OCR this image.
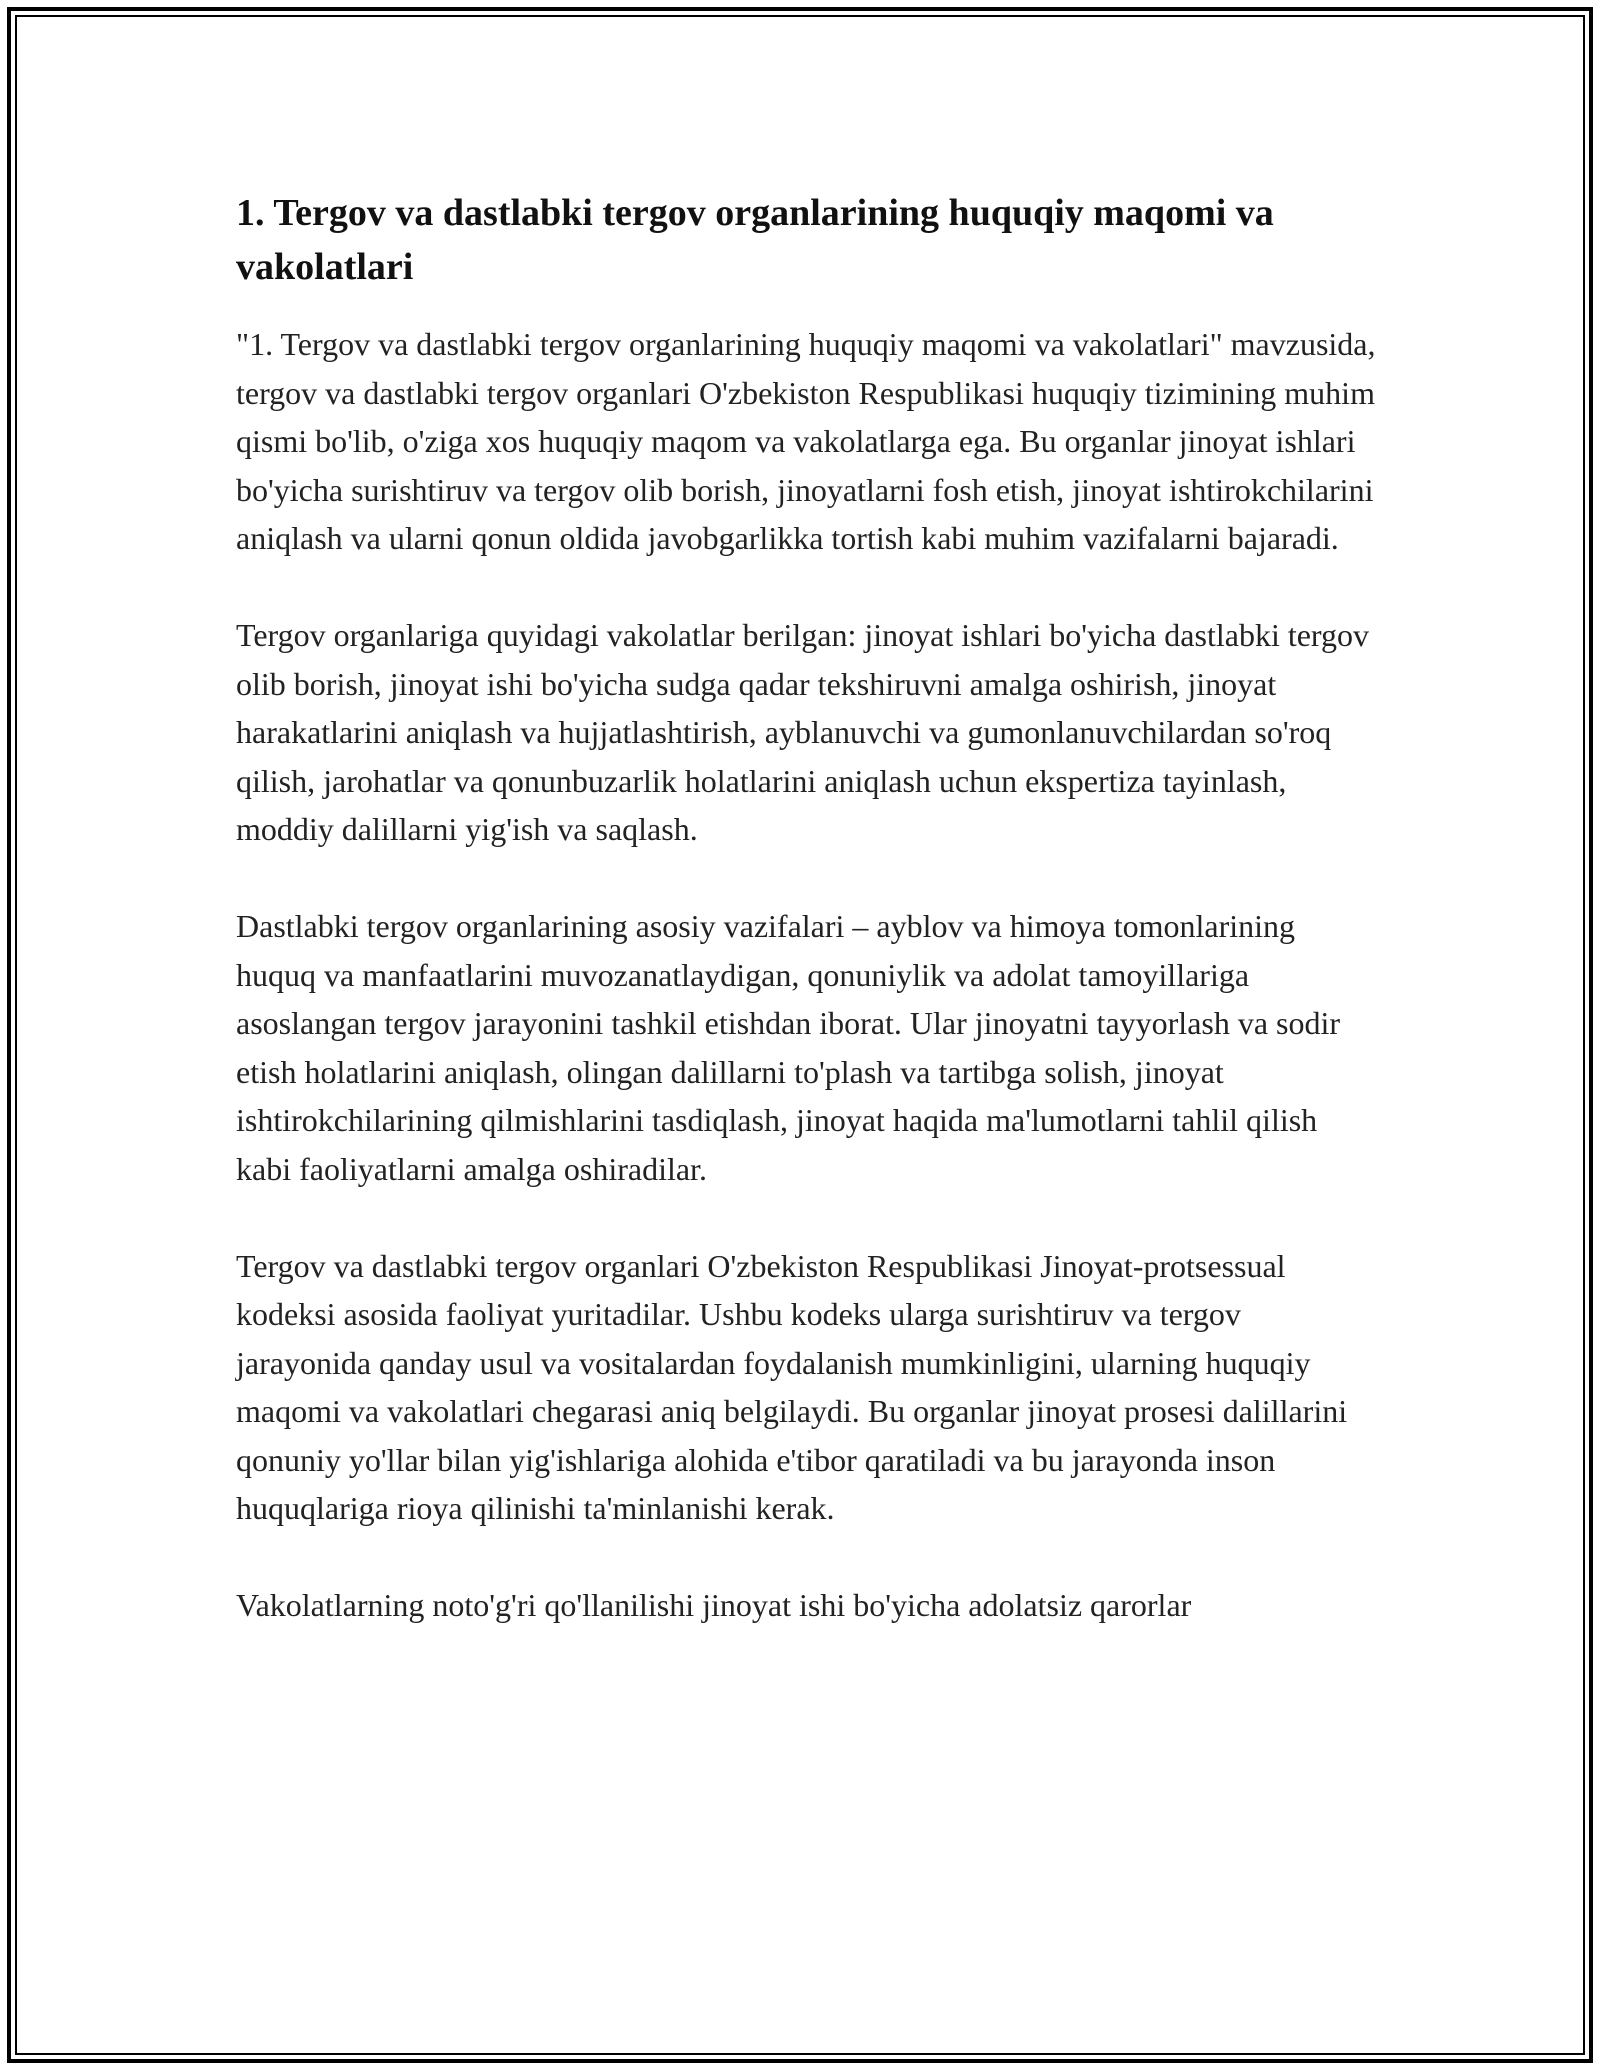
1. Tergov va dastlabki tergov organlarining huquqiy maqomi va vakolatlari

"1. Tergov va dastlabki tergov organlarining huquqiy maqomi va vakolatlari" mavzusida, tergov va dastlabki tergov organlari O'zbekiston Respublikasi huquqiy tizimining muhim qismi bo'lib, o'ziga xos huquqiy maqom va vakolatlarga ega. Bu organlar jinoyat ishlari bo'yicha surishtiruv va tergov olib borish, jinoyatlarni fosh etish, jinoyat ishtirokchilarini aniqlash va ularni qonun oldida javobgarlikka tortish kabi muhim vazifalarni bajaradi.

Tergov organlariga quyidagi vakolatlar berilgan: jinoyat ishlari bo'yicha dastlabki tergov olib borish, jinoyat ishi bo'yicha sudga qadar tekshiruvni amalga oshirish, jinoyat harakatlarini aniqlash va hujjatlashtirish, ayblanuvchi va gumonlanuvchilardan so'roq qilish, jarohatlar va qonunbuzarlik holatlarini aniqlash uchun ekspertiza tayinlash, moddiy dalillarni yig'ish va saqlash.

Dastlabki tergov organlarining asosiy vazifalari – ayblov va himoya tomonlarining huquq va manfaatlarini muvozanatlaydigan, qonuniylik va adolat tamoyillariga asoslangan tergov jarayonini tashkil etishdan iborat. Ular jinoyatni tayyorlash va sodir etish holatlarini aniqlash, olingan dalillarni to'plash va tartibga solish, jinoyat ishtirokchilarining qilmishlarini tasdiqlash, jinoyat haqida ma'lumotlarni tahlil qilish kabi faoliyatlarni amalga oshiradilar.

Tergov va dastlabki tergov organlari O'zbekiston Respublikasi Jinoyat-protsessual kodeksi asosida faoliyat yuritadilar. Ushbu kodeks ularga surishtiruv va tergov jarayonida qanday usul va vositalardan foydalanish mumkinligini, ularning huquqiy maqomi va vakolatlari chegarasi aniq belgilaydi. Bu organlar jinoyat prosesi dalillarini qonuniy yo'llar bilan yig'ishlariga alohida e'tibor qaratiladi va bu jarayonda inson huquqlariga rioya qilinishi ta'minlanishi kerak.

Vakolatlarning noto'g'ri qo'llanilishi jinoyat ishi bo'yicha adolatsiz qarorlar
